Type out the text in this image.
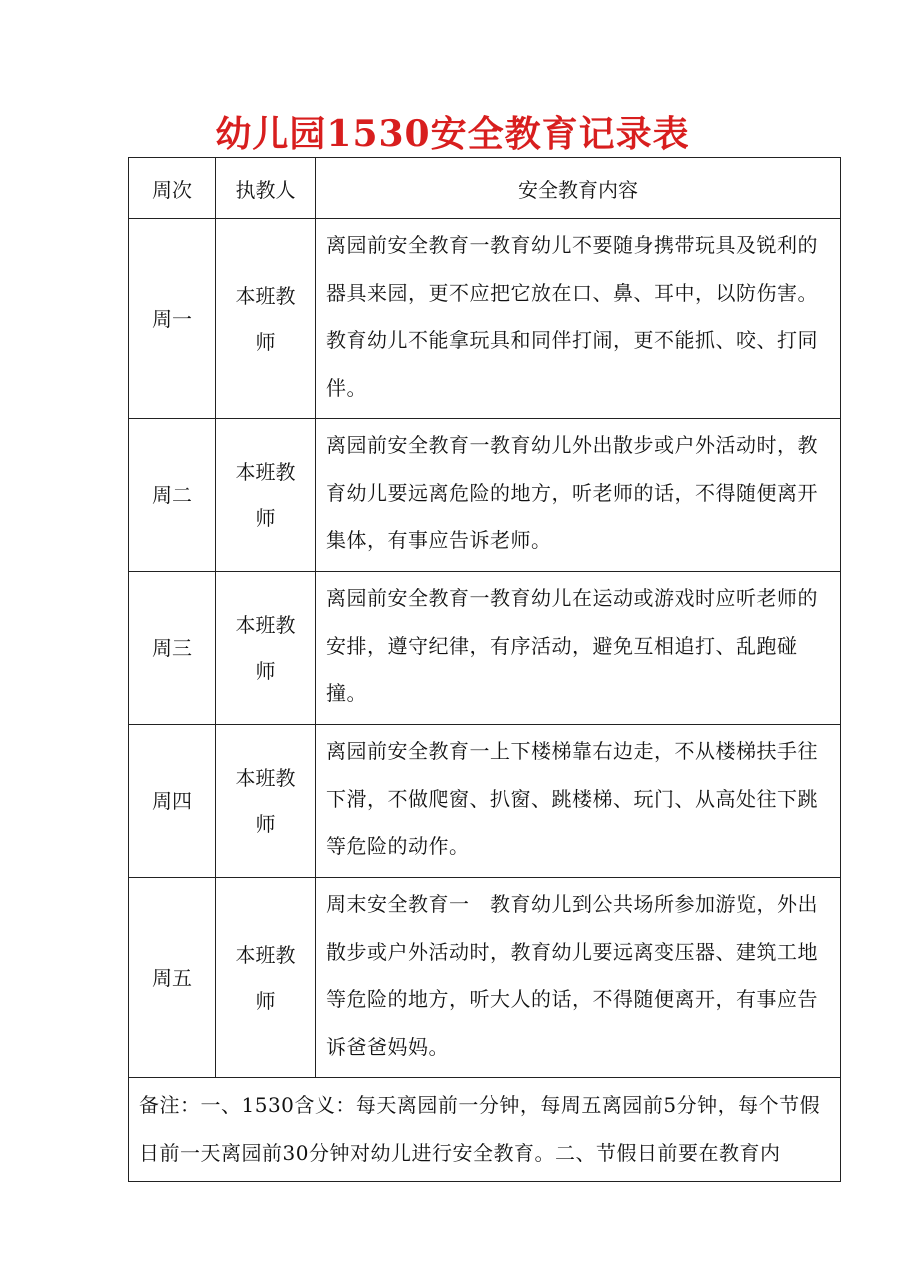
幼儿园1530安全教育记录表
周次	执教人	安全教育内容
周一	本班教师	离园前安全教育一教育幼儿不要随身携带玩具及锐利的器具来园，更不应把它放在口、鼻、耳中，以防伤害。教育幼儿不能拿玩具和同伴打闹，更不能抓、咬、打同伴。
周二	本班教师	离园前安全教育一教育幼儿外出散步或户外活动时，教育幼儿要远离危险的地方，听老师的话，不得随便离开集体，有事应告诉老师。
周三	本班教师	离园前安全教育一教育幼儿在运动或游戏时应听老师的安排，遵守纪律，有序活动，避免互相追打、乱跑碰撞。
周四	本班教师	离园前安全教育一上下楼梯靠右边走，不从楼梯扶手往下滑，不做爬窗、扒窗、跳楼梯、玩门、从高处往下跳等危险的动作。
周五	本班教师	周末安全教育一　教育幼儿到公共场所参加游览，外出散步或户外活动时，教育幼儿要远离变压器、建筑工地等危险的地方，听大人的话，不得随便离开，有事应告诉爸爸妈妈。
备注：一、1530含义：每天离园前一分钟，每周五离园前5分钟，每个节假日前一天离园前30分钟对幼儿进行安全教育。二、节假日前要在教育内		
